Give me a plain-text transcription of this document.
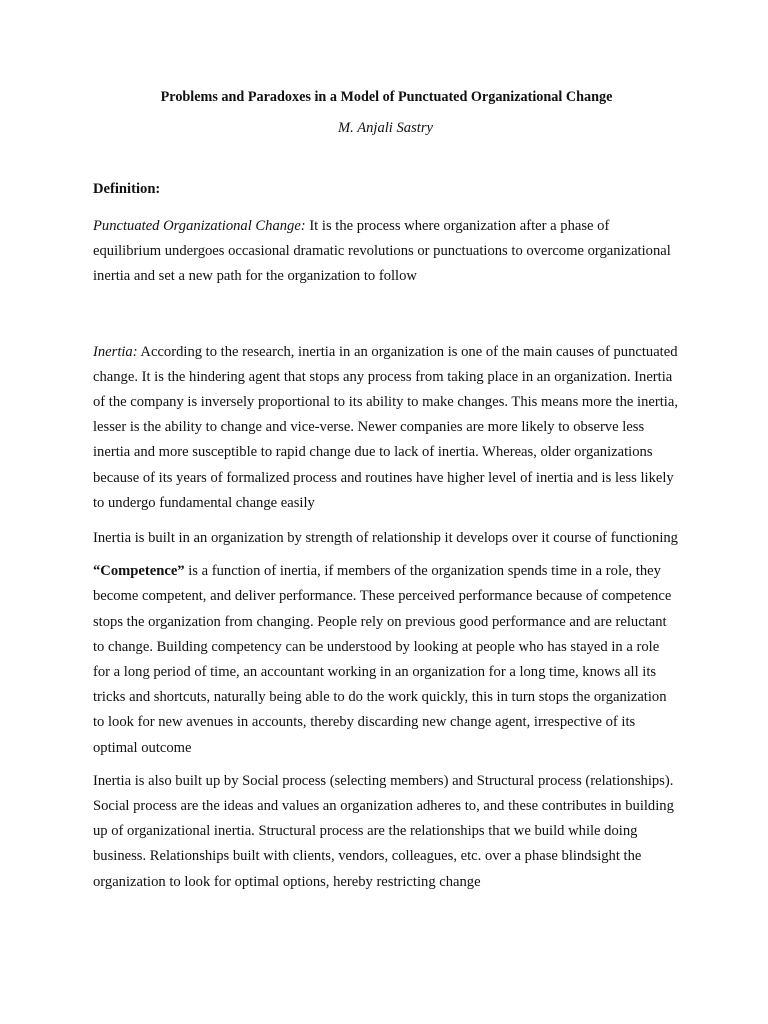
Problems and Paradoxes in a Model of Punctuated Organizational Change
M. Anjali Sastry
Definition:

Punctuated Organizational Change: It is the process where organization after a phase of equilibrium undergoes occasional dramatic revolutions or punctuations to overcome organizational inertia and set a new path for the organization to follow

Inertia: According to the research, inertia in an organization is one of the main causes of punctuated change. It is the hindering agent that stops any process from taking place in an organization. Inertia of the company is inversely proportional to its ability to make changes. This means more the inertia, lesser is the ability to change and vice-verse. Newer companies are more likely to observe less inertia and more susceptible to rapid change due to lack of inertia. Whereas, older organizations because of its years of formalized process and routines have higher level of inertia and is less likely to undergo fundamental change easily

Inertia is built in an organization by strength of relationship it develops over it course of functioning

“Competence” is a function of inertia, if members of the organization spends time in a role, they become competent, and deliver performance. These perceived performance because of competence stops the organization from changing. People rely on previous good performance and are reluctant to change. Building competency can be understood by looking at people who has stayed in a role for a long period of time, an accountant working in an organization for a long time, knows all its tricks and shortcuts, naturally being able to do the work quickly, this in turn stops the organization to look for new avenues in accounts, thereby discarding new change agent, irrespective of its optimal outcome

Inertia is also built up by Social process (selecting members) and Structural process (relationships). Social process are the ideas and values an organization adheres to, and these contributes in building up of organizational inertia. Structural process are the relationships that we build while doing business. Relationships built with clients, vendors, colleagues, etc. over a phase blindsight the organization to look for optimal options, hereby restricting change
